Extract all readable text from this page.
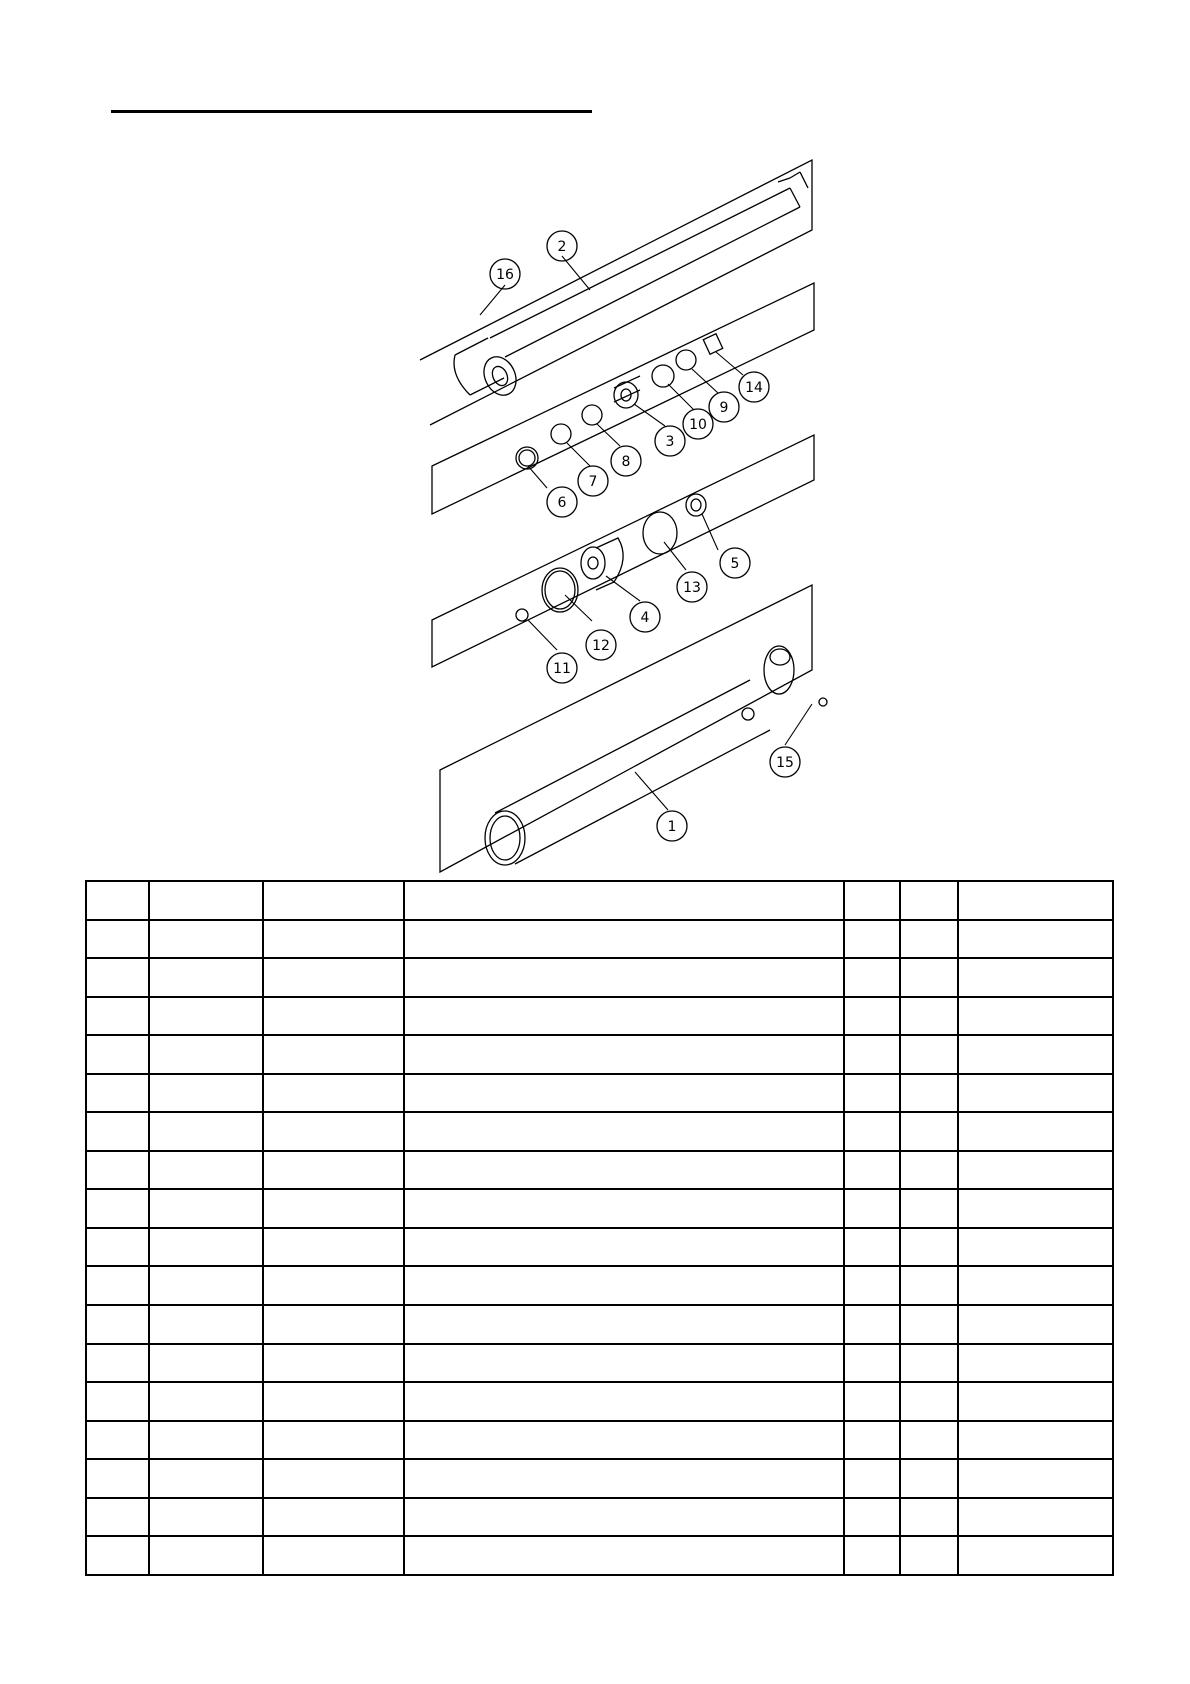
2
16
6
7
8
3
10
9
14
11
12
4
13
5
15
1
